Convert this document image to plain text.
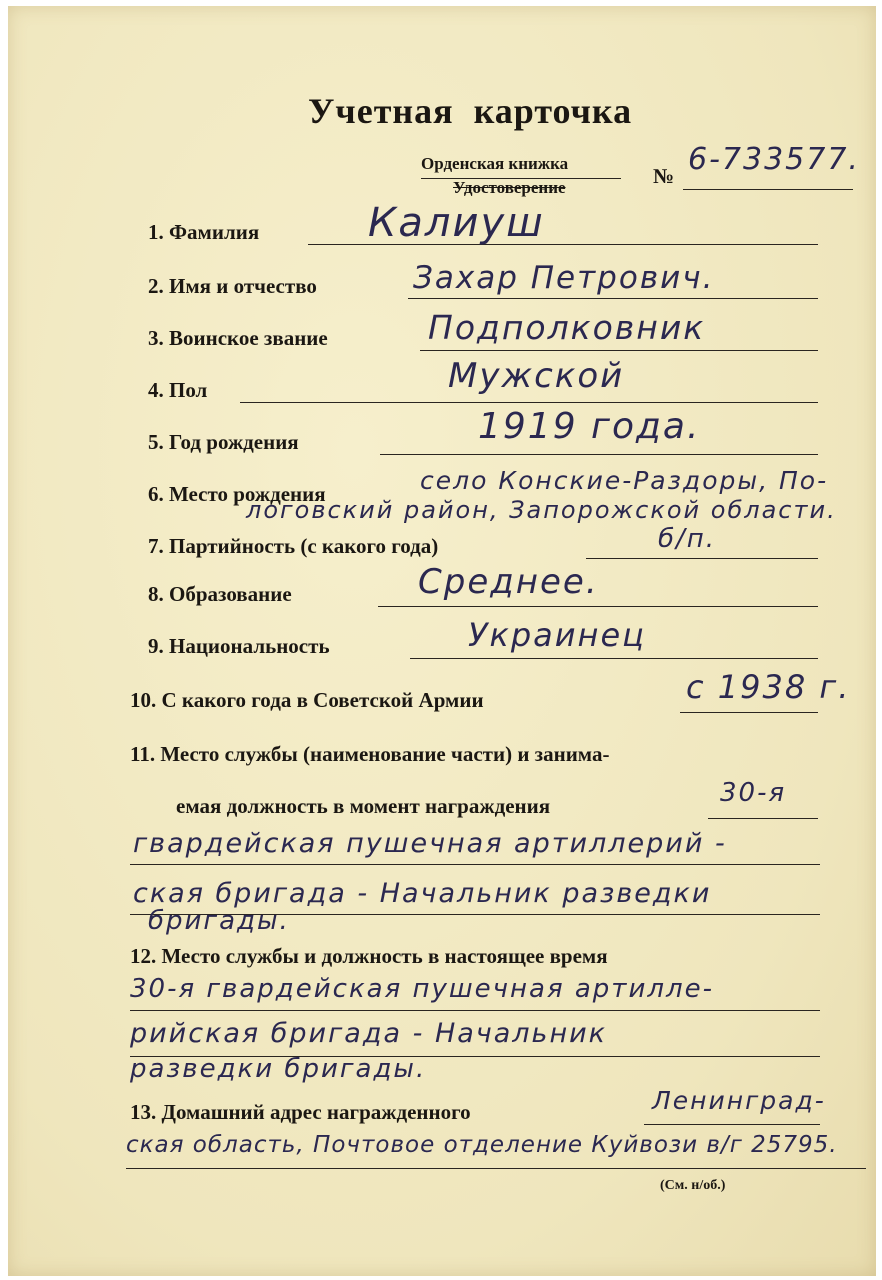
Учетная карточка
Орденская книжка
Удостоверение	№ 6-733577.
1. Фамилия	Калиуш
2. Имя и отчество	Захар Петрович.
3. Воинское звание	Подполковник
4. Пол	Мужской
5. Год рождения	1919 года.
6. Место рождения	село Конские-Раздоры, По-
логовский район, Запорожской области.
7. Партийность (с какого года)	б/п.
8. Образование	Среднее.
9. Национальность	Украинец
10. С какого года в Советской Армии	с 1938 г.
11. Место службы (наименование части) и занима-
емая должность в момент награждения	30-я
гвардейская пушечная артиллерий -
ская бригада - Начальник разведки
бригады.
12. Место службы и должность в настоящее время
30-я гвардейская пушечная артилле-
рийская бригада - Начальник
разведки бригады.
13. Домашний адрес награжденного	Ленинград-
ская область, Почтовое отделение Куйвози в/г 25795.
(См. н/об.)
